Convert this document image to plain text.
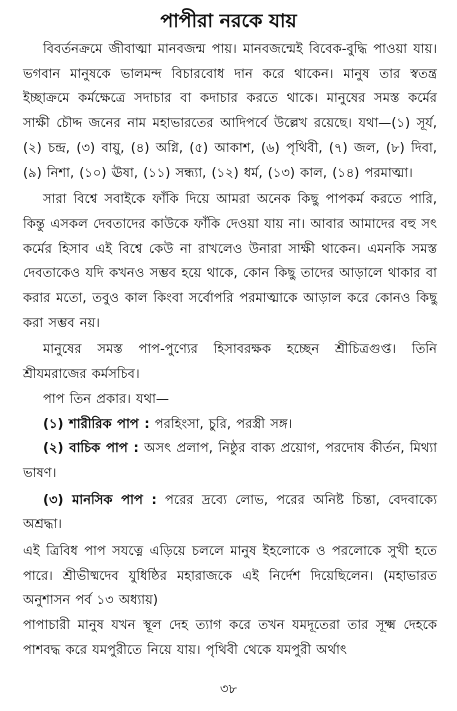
পাপীরা নরকে যায়

বিবর্তনক্রমে জীবাত্মা মানবজন্ম পায়। মানবজন্মেই বিবেক-বুদ্ধি পাওয়া যায়। ভগবান মানুষকে ভালমন্দ বিচারবোধ দান করে থাকেন। মানুষ তার স্বতন্ত্র ইচ্ছাক্রমে কর্মক্ষেত্রে সদাচার বা কদাচার করতে থাকে। মানুষের সমস্ত কর্মের সাক্ষী চৌদ্দ জনের নাম মহাভারতের আদিপর্বে উল্লেখ রয়েছে। যথা—(১) সূর্য, (২) চন্দ্র, (৩) বায়ু, (৪) অগ্নি, (৫) আকাশ, (৬) পৃথিবী, (৭) জল, (৮) দিবা, (৯) নিশা, (১০) ঊষা, (১১) সন্ধ্যা, (১২) ধর্ম, (১৩) কাল, (১৪) পরমাত্মা।

সারা বিশ্বে সবাইকে ফাঁকি দিয়ে আমরা অনেক কিছু পাপকর্ম করতে পারি, কিন্তু এসকল দেবতাদের কাউকে ফাঁকি দেওয়া যায় না। আবার আমাদের বহু সৎ কর্মের হিসাব এই বিশ্বে কেউ না রাখলেও উনারা সাক্ষী থাকেন। এমনকি সমস্ত দেবতাকেও যদি কখনও সম্ভব হয়ে থাকে, কোন কিছু তাদের আড়ালে থাকার বা করার মতো, তবুও কাল কিংবা সর্বোপরি পরমাত্মাকে আড়াল করে কোনও কিছু করা সম্ভব নয়।

মানুষের সমস্ত পাপ-পুণ্যের হিসাবরক্ষক হচ্ছেন শ্রীচিত্রগুপ্ত। তিনি শ্রীযমরাজের কর্মসচিব।

পাপ তিন প্রকার। যথা—

(১) শারীরিক পাপ : পরহিংসা, চুরি, পরস্ত্রী সঙ্গ।

(২) বাচিক পাপ : অসৎ প্রলাপ, নিষ্ঠুর বাক্য প্রয়োগ, পরদোষ কীর্তন, মিথ্যা ভাষণ।

(৩) মানসিক পাপ : পরের দ্রব্যে লোভ, পরের অনিষ্ট চিন্তা, বেদবাক্যে অশ্রদ্ধা।

এই ত্রিবিধ পাপ সযত্নে এড়িয়ে চললে মানুষ ইহলোকে ও পরলোকে সুখী হতে পারে। শ্রীভীষ্মদেব যুধিষ্ঠির মহারাজকে এই নির্দেশ দিয়েছিলেন। (মহাভারত অনুশাসন পর্ব ১৩ অধ্যায়)

পাপাচারী মানুষ যখন স্থূল দেহ ত্যাগ করে তখন যমদূতেরা তার সূক্ষ্ম দেহকে পাশবদ্ধ করে যমপুরীতে নিয়ে যায়। পৃথিবী থেকে যমপুরী অর্থাৎ

৩৮
